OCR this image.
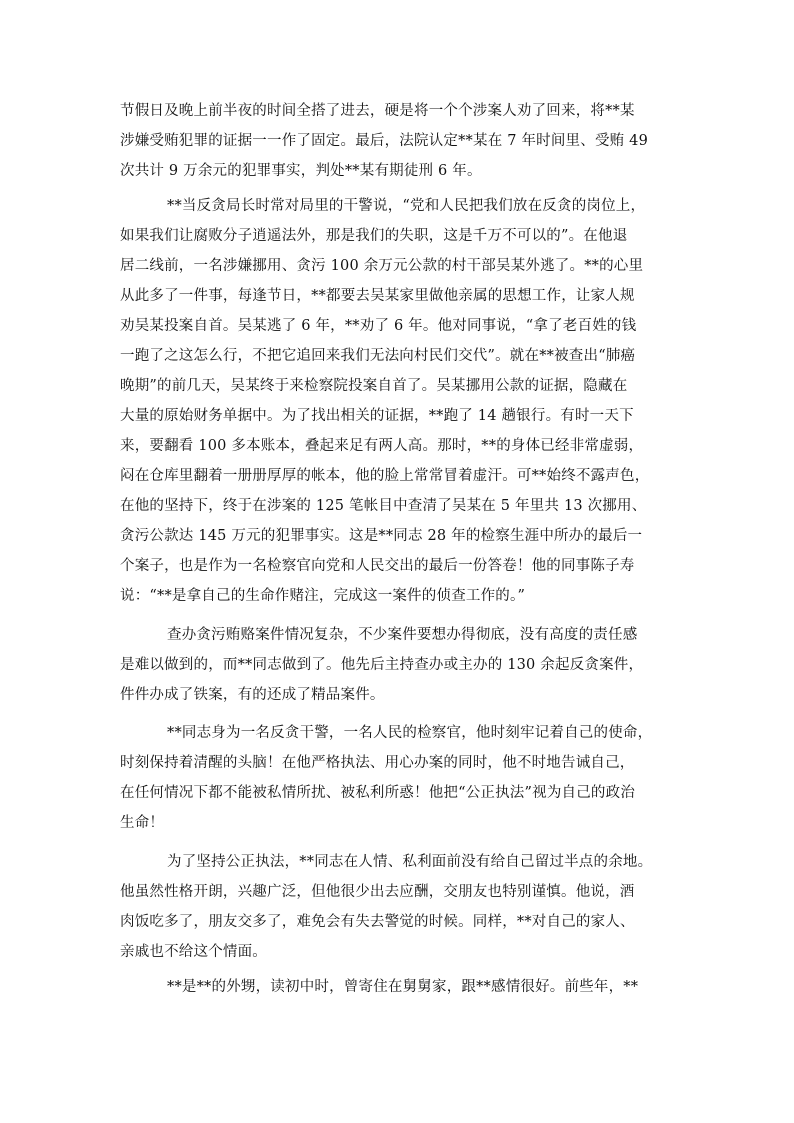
节假日及晚上前半夜的时间全搭了进去，硬是将一个个涉案人劝了回来，将**某
涉嫌受贿犯罪的证据一一作了固定。最后，法院认定**某在 7 年时间里、受贿 49
次共计 9 万余元的犯罪事实，判处**某有期徒刑 6 年。
**当反贪局长时常对局里的干警说，“党和人民把我们放在反贪的岗位上，
如果我们让腐败分子逍遥法外，那是我们的失职，这是千万不可以的”。在他退
居二线前，一名涉嫌挪用、贪污 100 余万元公款的村干部吴某外逃了。**的心里
从此多了一件事，每逢节日，**都要去吴某家里做他亲属的思想工作，让家人规
劝吴某投案自首。吴某逃了 6 年，**劝了 6 年。他对同事说，“拿了老百姓的钱
一跑了之这怎么行，不把它追回来我们无法向村民们交代”。就在**被查出“肺癌
晚期”的前几天，吴某终于来检察院投案自首了。吴某挪用公款的证据，隐藏在
大量的原始财务单据中。为了找出相关的证据，**跑了 14 趟银行。有时一天下
来，要翻看 100 多本账本，叠起来足有两人高。那时，**的身体已经非常虚弱，
闷在仓库里翻着一册册厚厚的帐本，他的脸上常常冒着虚汗。可**始终不露声色，
在他的坚持下，终于在涉案的 125 笔帐目中查清了吴某在 5 年里共 13 次挪用、
贪污公款达 145 万元的犯罪事实。这是**同志 28 年的检察生涯中所办的最后一
个案子，也是作为一名检察官向党和人民交出的最后一份答卷！他的同事陈子寿
说：“**是拿自己的生命作赌注，完成这一案件的侦查工作的。”
查办贪污贿赂案件情况复杂，不少案件要想办得彻底，没有高度的责任感
是难以做到的，而**同志做到了。他先后主持查办或主办的 130 余起反贪案件，
件件办成了铁案，有的还成了精品案件。
**同志身为一名反贪干警，一名人民的检察官，他时刻牢记着自己的使命，
时刻保持着清醒的头脑！在他严格执法、用心办案的同时，他不时地告诫自己，
在任何情况下都不能被私情所扰、被私利所惑！他把“公正执法”视为自己的政治
生命！
为了坚持公正执法，**同志在人情、私利面前没有给自己留过半点的余地。
他虽然性格开朗，兴趣广泛，但他很少出去应酬，交朋友也特别谨慎。他说，酒
肉饭吃多了，朋友交多了，难免会有失去警觉的时候。同样，**对自己的家人、
亲戚也不给这个情面。
**是**的外甥，读初中时，曾寄住在舅舅家，跟**感情很好。前些年，**
